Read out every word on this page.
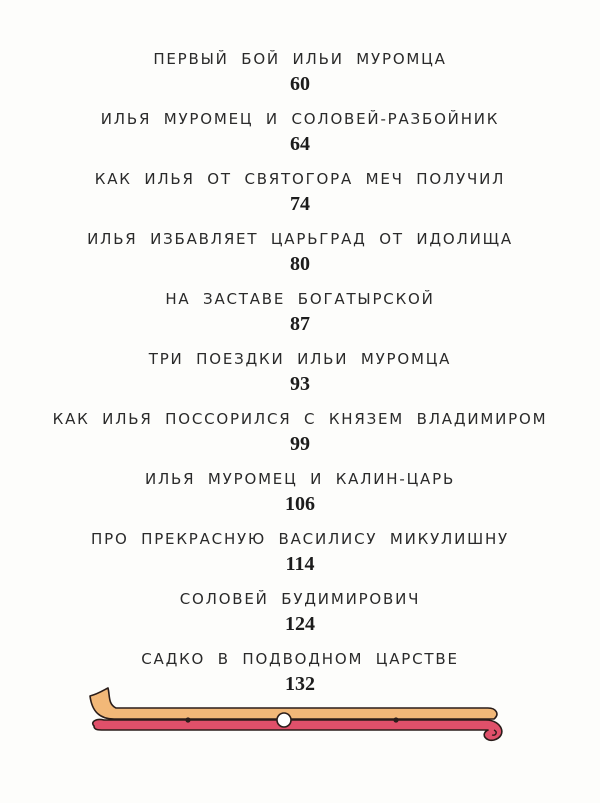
ПЕРВЫЙ БОЙ ИЛЬИ МУРОМЦА
60
ИЛЬЯ МУРОМЕЦ И СОЛОВЕЙ-РАЗБОЙНИК
64
КАК ИЛЬЯ ОТ СВЯТОГОРА МЕЧ ПОЛУЧИЛ
74
ИЛЬЯ ИЗБАВЛЯЕТ ЦАРЬГРАД ОТ ИДОЛИЩА
80
НА ЗАСТАВЕ БОГАТЫРСКОЙ
87
ТРИ ПОЕЗДКИ ИЛЬИ МУРОМЦА
93
КАК ИЛЬЯ ПОССОРИЛСЯ С КНЯЗЕМ ВЛАДИМИРОМ
99
ИЛЬЯ МУРОМЕЦ И КАЛИН-ЦАРЬ
106
ПРО ПРЕКРАСНУЮ ВАСИЛИСУ МИКУЛИШНУ
114
СОЛОВЕЙ БУДИМИРОВИЧ
124
САДКО В ПОДВОДНОМ ЦАРСТВЕ
132
